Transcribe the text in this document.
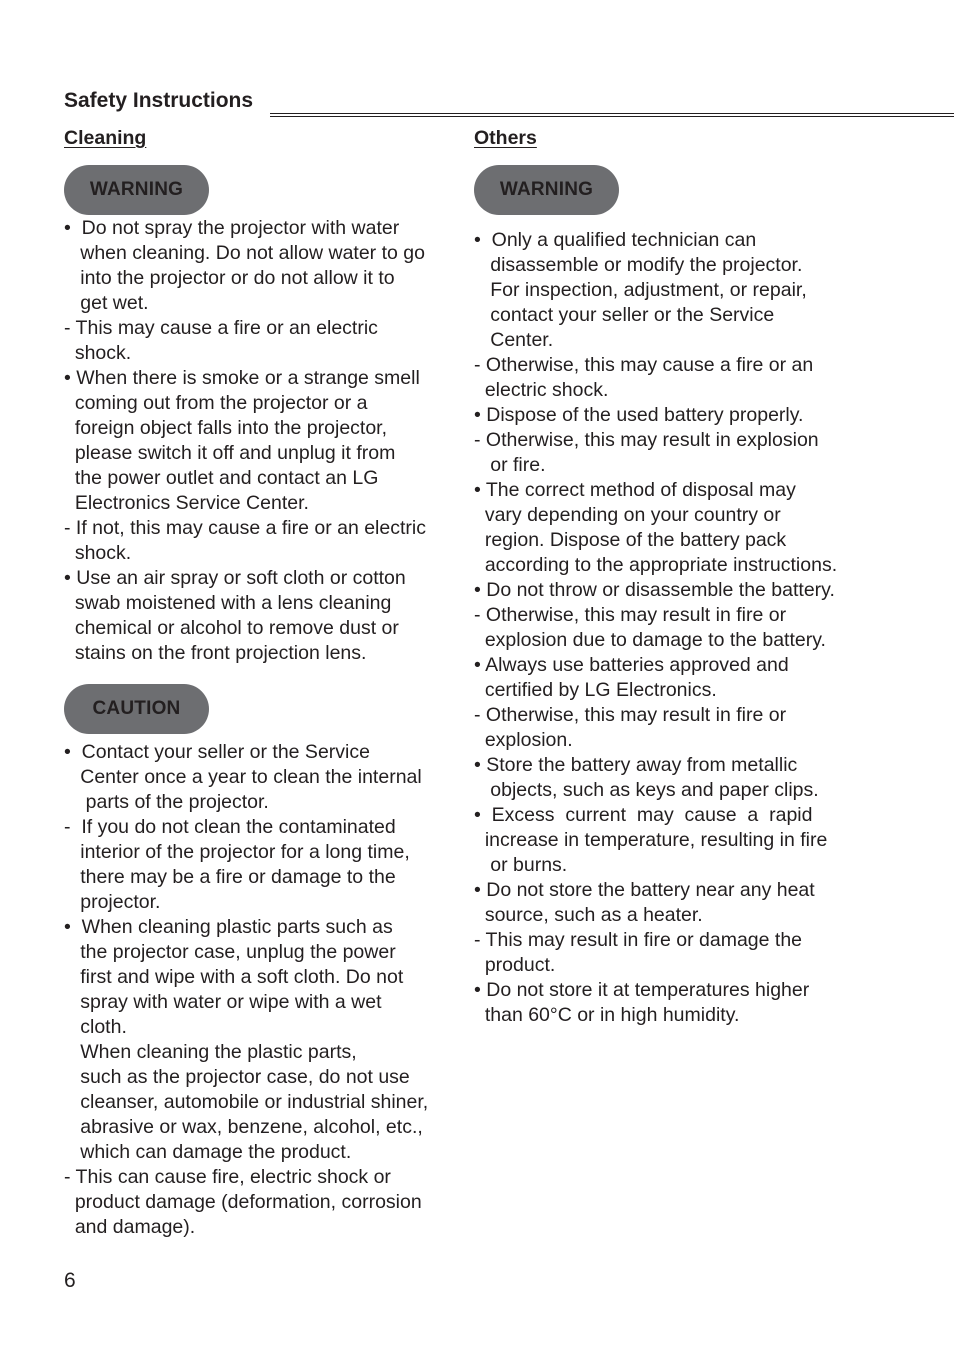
Safety Instructions
Cleaning
WARNING
•  Do not spray the projector with water
when cleaning. Do not allow water to go
into the projector or do not allow it to
get wet.
- This may cause a fire or an electric
shock.
• When there is smoke or a strange smell
coming out from the projector or a
foreign object falls into the projector,
please switch it off and unplug it from
the power outlet and contact an LG
Electronics Service Center.
- If not, this may cause a fire or an electric
shock.
• Use an air spray or soft cloth or cotton
swab moistened with a lens cleaning
chemical or alcohol to remove dust or
stains on the front projection lens.
CAUTION
•  Contact your seller or the Service
Center once a year to clean the internal
parts of the projector.
-  If you do not clean the contaminated
interior of the projector for a long time,
there may be a fire or damage to the
projector.
•  When cleaning plastic parts such as
the projector case, unplug the power
first and wipe with a soft cloth. Do not
spray with water or wipe with a wet
cloth.
When cleaning the plastic parts,
such as the projector case, do not use
cleanser, automobile or industrial shiner,
abrasive or wax, benzene, alcohol, etc.,
which can damage the product.
- This can cause fire, electric shock or
product damage (deformation, corrosion
and damage).
Others
WARNING
•  Only a qualified technician can
disassemble or modify the projector.
For inspection, adjustment, or repair,
contact your seller or the Service
Center.
- Otherwise, this may cause a fire or an
electric shock.
• Dispose of the used battery properly.
- Otherwise, this may result in explosion
or fire.
• The correct method of disposal may
vary depending on your country or
region. Dispose of the battery pack
according to the appropriate instructions.
• Do not throw or disassemble the battery.
- Otherwise, this may result in fire or
explosion due to damage to the battery.
• Always use batteries approved and
certified by LG Electronics.
- Otherwise, this may result in fire or
explosion.
• Store the battery away from metallic
objects, such as keys and paper clips.
•  Excess  current  may  cause  a  rapid
increase in temperature, resulting in fire
or burns.
• Do not store the battery near any heat
source, such as a heater.
- This may result in fire or damage the
product.
• Do not store it at temperatures higher
than 60°C or in high humidity.
6
